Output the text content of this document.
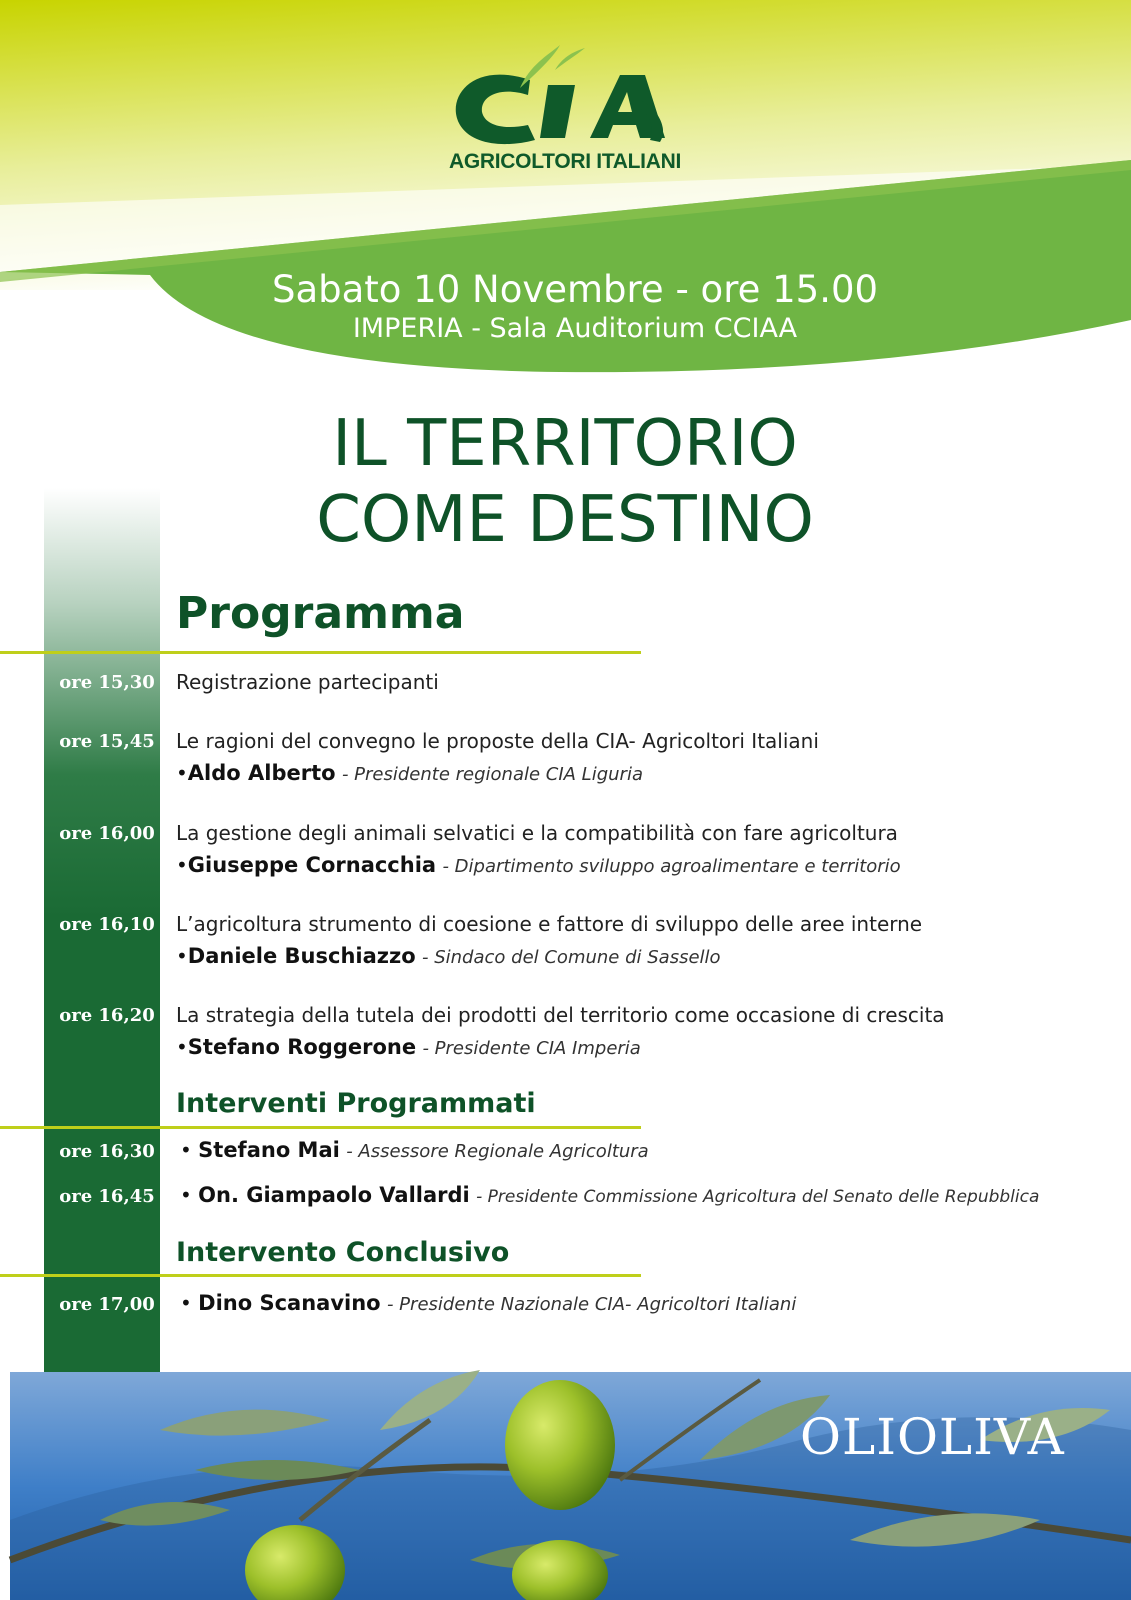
AGRICOLTORI ITALIANI
Sabato 10 Novembre - ore 15.00
IMPERIA - Sala Auditorium CCIAA
IL TERRITORIO
COME DESTINO
Programma
ore 15,30	Registrazione partecipanti
ore 15,45	Le ragioni del convegno le proposte della CIA- Agricoltori Italiani
•Aldo Alberto - Presidente regionale CIA Liguria
ore 16,00	La gestione degli animali selvatici e la compatibilità con fare agricoltura
•Giuseppe Cornacchia - Dipartimento sviluppo agroalimentare e territorio
ore 16,10	L’agricoltura strumento di coesione e fattore di sviluppo delle aree interne
•Daniele Buschiazzo - Sindaco del Comune di Sassello
ore 16,20	La strategia della tutela dei prodotti del territorio come occasione di crescita
•Stefano Roggerone - Presidente CIA Imperia
Interventi Programmati
ore 16,30	• Stefano Mai - Assessore Regionale Agricoltura
ore 16,45	• On. Giampaolo Vallardi - Presidente Commissione Agricoltura del Senato delle Repubblica
Intervento Conclusivo
ore 17,00	• Dino Scanavino - Presidente Nazionale CIA- Agricoltori Italiani
OLIOLIVA
